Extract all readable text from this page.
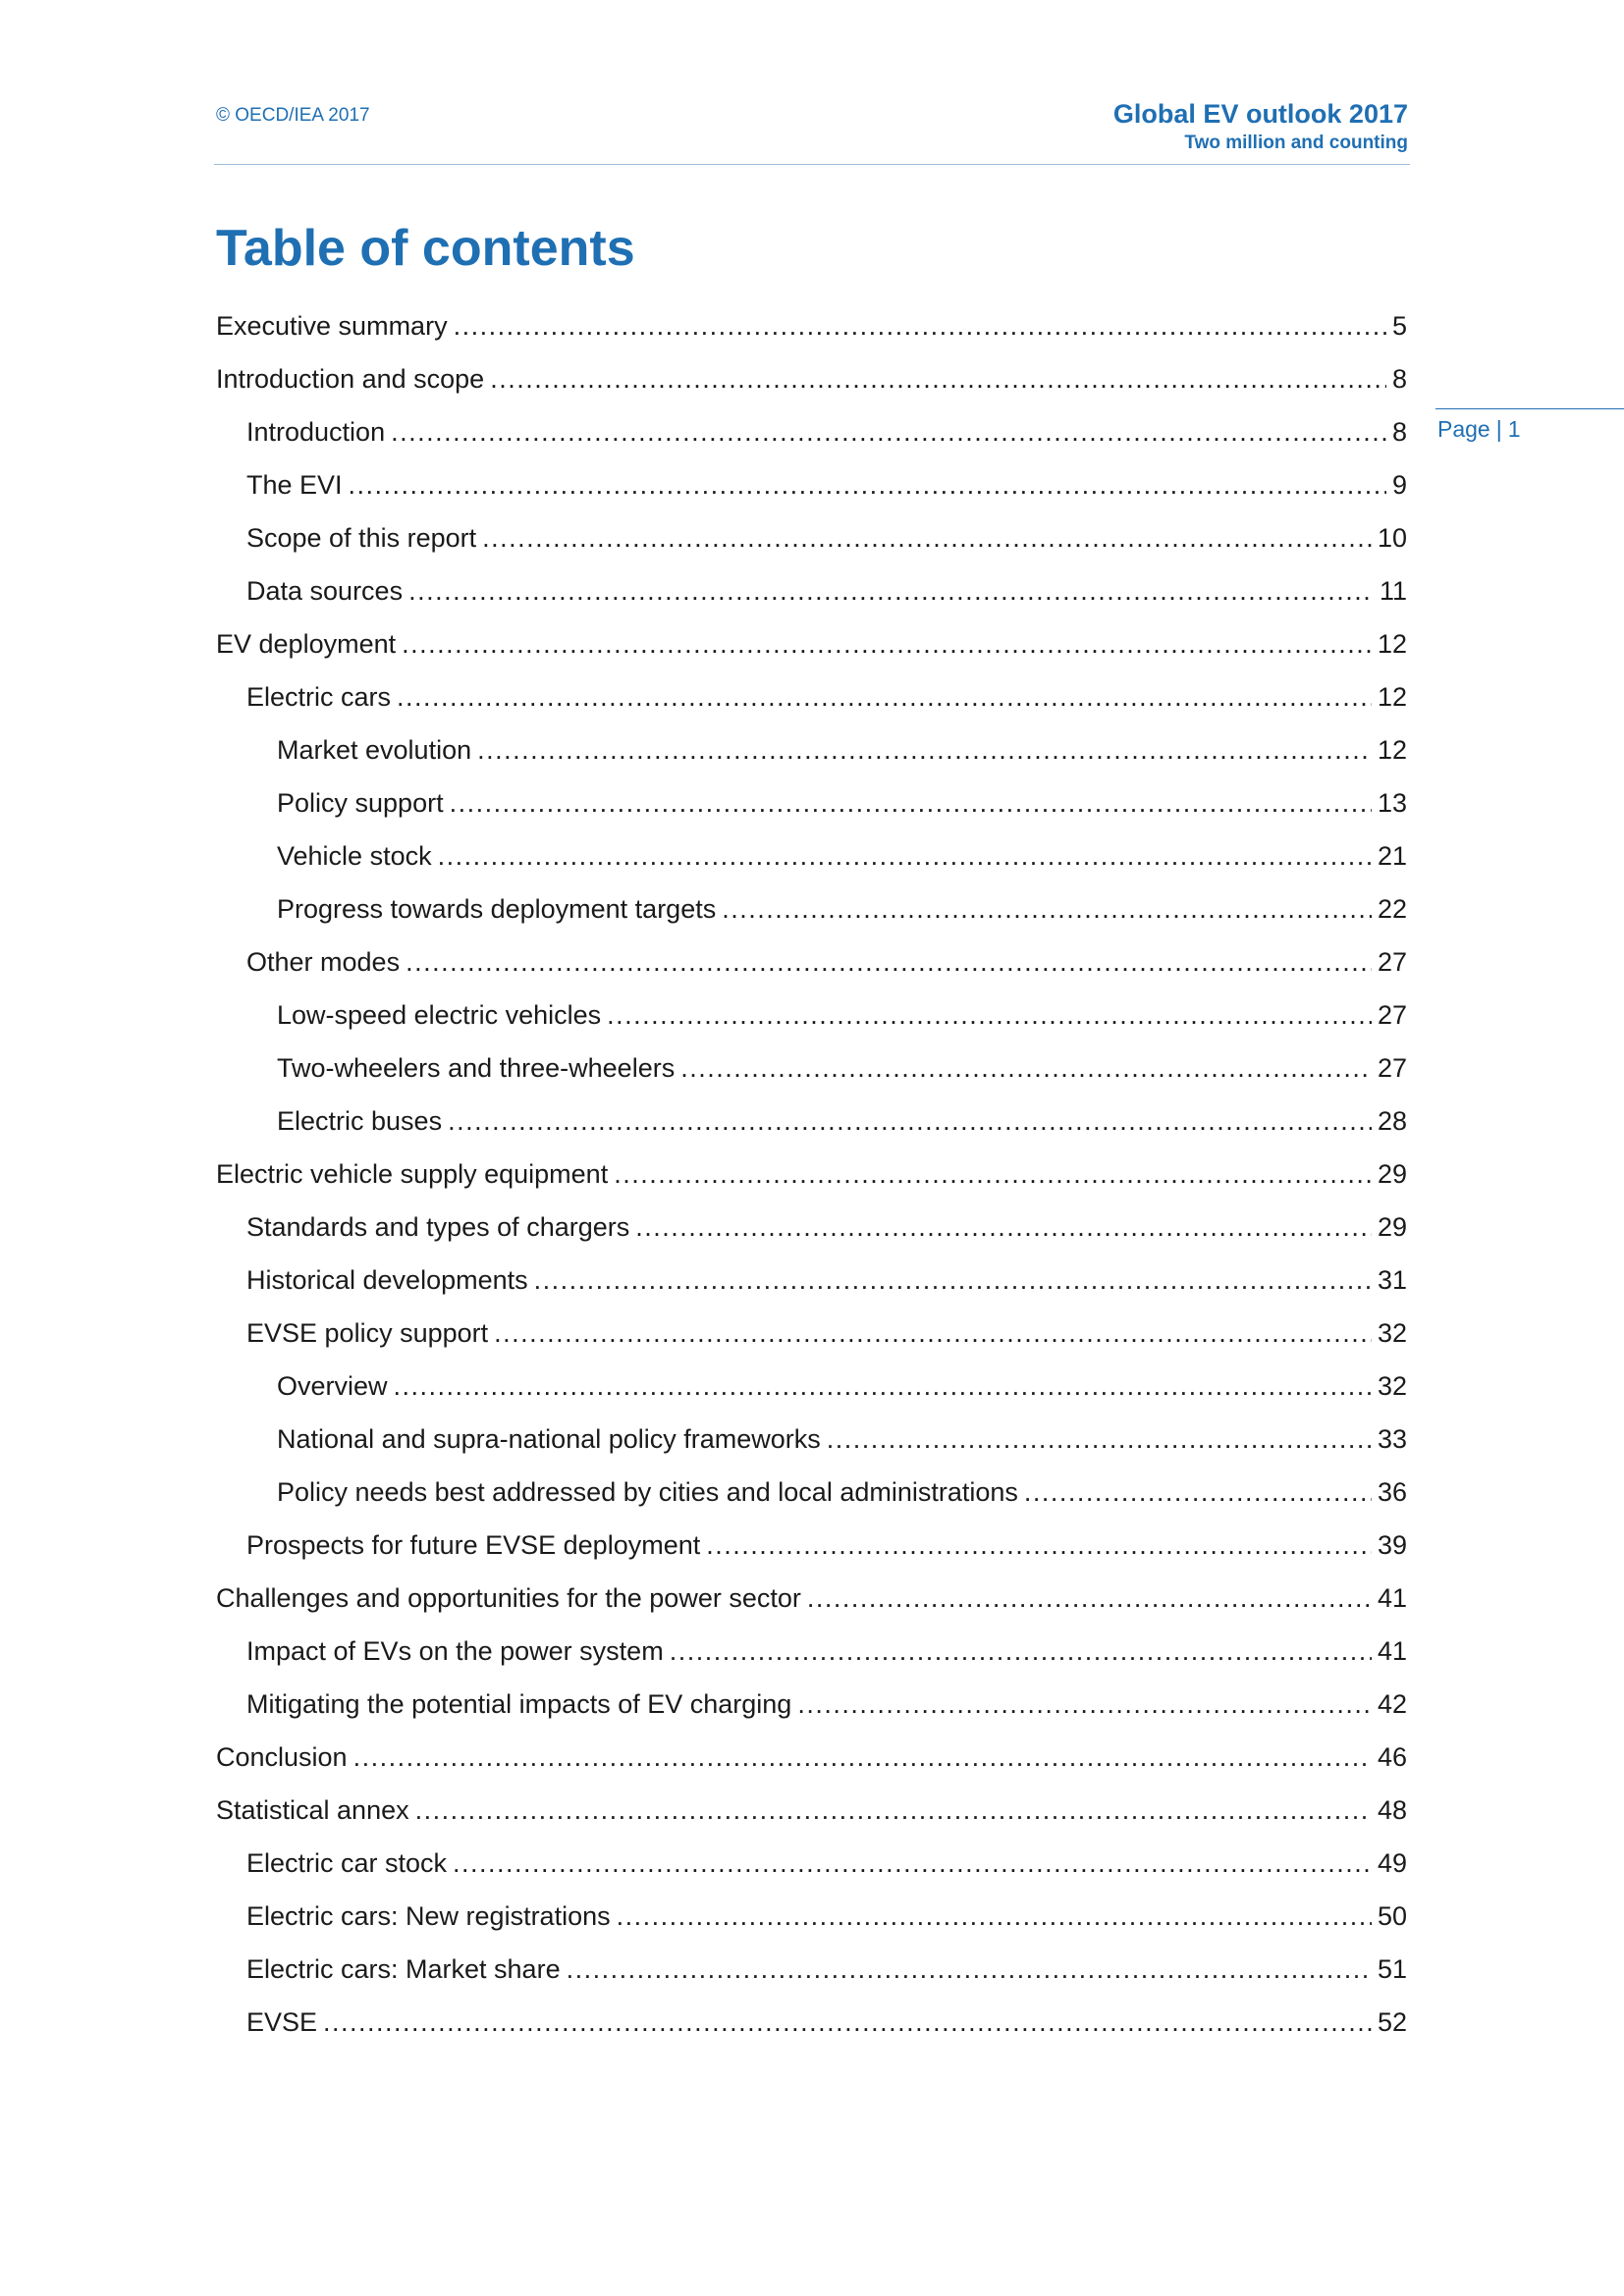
© OECD/IEA 2017	Global EV outlook 2017
Two million and counting
Table of contents
Page | 1
Executive summary .....	5
Introduction and scope .....	8
Introduction .....	8
The EVI .....	9
Scope of this report .....	10
Data sources .....	11
EV deployment .....	12
Electric cars .....	12
Market evolution .....	12
Policy support .....	13
Vehicle stock .....	21
Progress towards deployment targets .....	22
Other modes .....	27
Low-speed electric vehicles .....	27
Two-wheelers and three-wheelers .....	27
Electric buses .....	28
Electric vehicle supply equipment .....	29
Standards and types of chargers .....	29
Historical developments .....	31
EVSE policy support .....	32
Overview .....	32
National and supra-national policy frameworks .....	33
Policy needs best addressed by cities and local administrations .....	36
Prospects for future EVSE deployment .....	39
Challenges and opportunities for the power sector .....	41
Impact of EVs on the power system .....	41
Mitigating the potential impacts of EV charging .....	42
Conclusion .....	46
Statistical annex .....	48
Electric car stock .....	49
Electric cars: New registrations .....	50
Electric cars: Market share .....	51
EVSE .....	52
